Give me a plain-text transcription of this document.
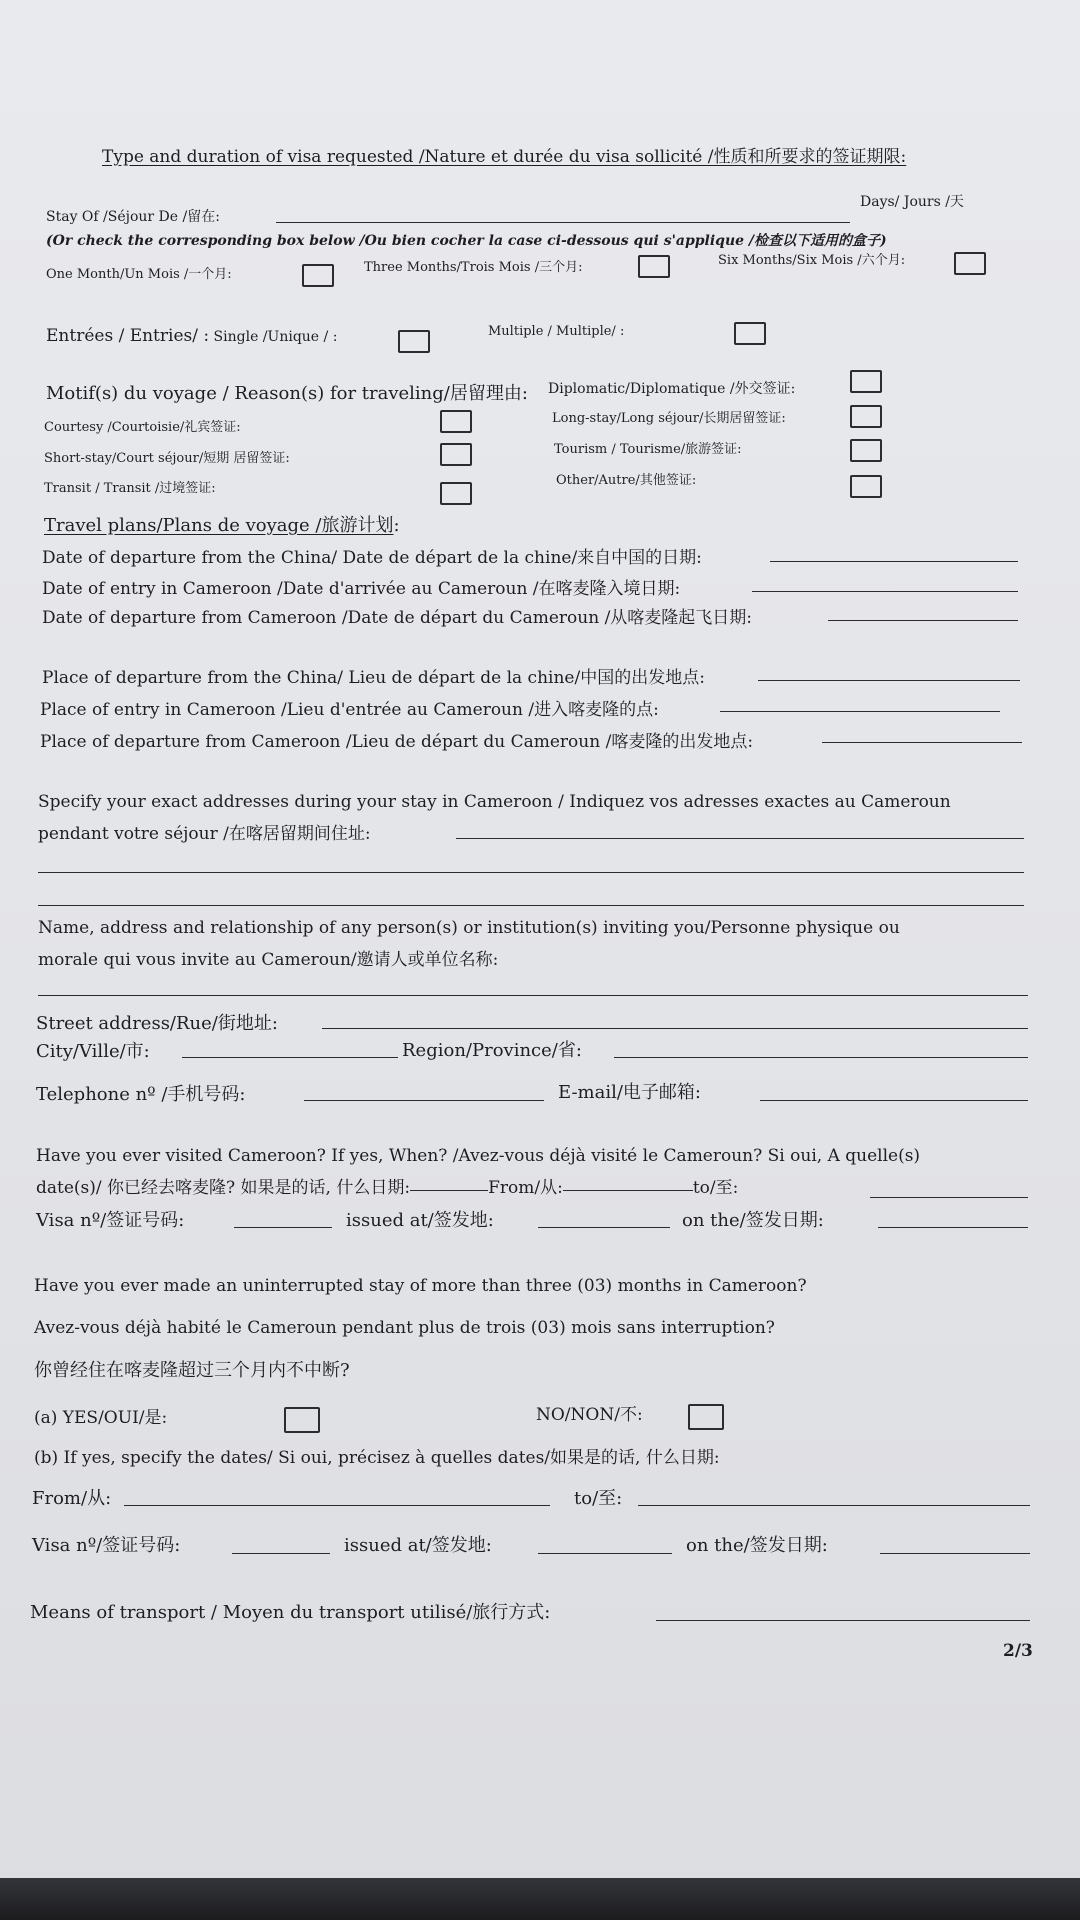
Type and duration of visa requested /Nature et durée du visa sollicité /性质和所要求的签证期限:
Stay Of /Séjour De /留在:
Days/ Jours /天
(Or check the corresponding box below /Ou bien cocher la case ci-dessous qui s'applique /检查以下适用的盒子)
One Month/Un Mois /一个月:	Three Months/Trois Mois /三个月:	Six Months/Six Mois /六个月:
Entrées / Entries/ : Single /Unique / :	Multiple / Multiple/ :
Motif(s) du voyage / Reason(s) for traveling/居留理由: Diplomatic/Diplomatique /外交签证:
Courtesy /Courtoisie/礼宾签证:
Long-stay/Long séjour/长期居留签证:
Short-stay/Court séjour/短期 居留签证:
Tourism / Tourisme/旅游签证:
Transit / Transit /过境签证:
Other/Autre/其他签证:
Travel plans/Plans de voyage /旅游计划:
Date of departure from the China/ Date de départ de la chine/来自中国的日期:
Date of entry in Cameroon /Date d'arrivée au Cameroun /在喀麦隆入境日期:
Date of departure from Cameroon /Date de départ du Cameroun /从喀麦隆起飞日期:
Place of departure from the China/ Lieu de départ de la chine/中国的出发地点:
Place of entry in Cameroon /Lieu d'entrée au Cameroun /进入喀麦隆的点:
Place of departure from Cameroon /Lieu de départ du Cameroun /喀麦隆的出发地点:
Specify your exact addresses during your stay in Cameroon / Indiquez vos adresses exactes au Cameroun
pendant votre séjour /在喀居留期间住址:
Name, address and relationship of any person(s) or institution(s) inviting you/Personne physique ou
morale qui vous invite au Cameroun/邀请人或单位名称:
Street address/Rue/街地址:
City/Ville/市:	Region/Province/省:
Telephone nº /手机号码:	E-mail/电子邮箱:
Have you ever visited Cameroon? If yes, When? /Avez-vous déjà visité le Cameroun? Si oui, A quelle(s)
date(s)/ 你已经去喀麦隆? 如果是的话, 什么日期:	From/从:	to/至:
Visa nº/签证号码:	issued at/签发地:	on the/签发日期:
Have you ever made an uninterrupted stay of more than three (03) months in Cameroon?
Avez-vous déjà habité le Cameroun pendant plus de trois (03) mois sans interruption?
你曾经住在喀麦隆超过三个月内不中断?
(a) YES/OUI/是:	NO/NON/不:
(b) If yes, specify the dates/ Si oui, précisez à quelles dates/如果是的话, 什么日期:
From/从:	to/至:
Visa nº/签证号码:	issued at/签发地:	on the/签发日期:
Means of transport / Moyen du transport utilisé/旅行方式:
2/3
